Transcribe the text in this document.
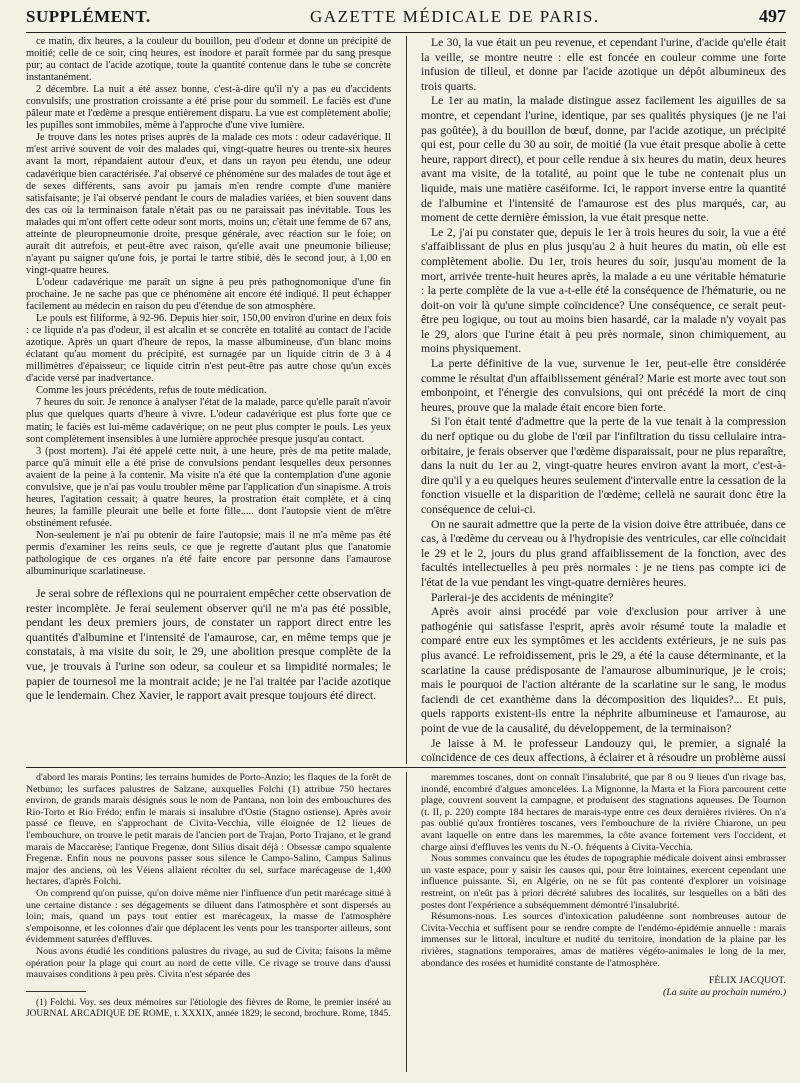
SUPPLÉMENT.	GAZETTE MÉDICALE DE PARIS.	497

ce matin, dix heures, a la couleur du bouillon, peu d'odeur et donne un précipité de moitié; celle de ce soir, cinq heures, est inodore et paraît formée par du sang presque pur; au contact de l'acide azotique, toute la quantité contenue dans le tube se concrète instantanément.

2 décembre. La nuit a été assez bonne, c'est-à-dire qu'il n'y a pas eu d'accidents convulsifs; une prostration croissante a été prise pour du sommeil. Le faciès est d'une pâleur mate et l'œdème a presque entièrement disparu. La vue est complètement abolie; les pupilles sont immobiles, même à l'approche d'une vive lumière.

Je trouve dans les notes prises auprès de la malade ces mots : odeur cadavérique. Il m'est arrivé souvent de voir des malades qui, vingt-quatre heures ou trente-six heures avant la mort, répandaient autour d'eux, et dans un rayon peu étendu, une odeur cadavérique bien caractérisée. J'ai observé ce phénomène sur des malades de tout âge et de sexes différents, sans avoir pu jamais m'en rendre compte d'une manière satisfaisante; je l'ai observé pendant le cours de maladies variées, et bien souvent dans des cas où la terminaison fatale n'était pas ou ne paraissait pas inévitable. Tous les malades qui m'ont offert cette odeur sont morts, moins un; c'était une femme de 67 ans, atteinte de pleuropneumonie droite, presque générale, avec réaction sur le foie; on aurait dit autrefois, et peut-être avec raison, qu'elle avait une pneumonie bilieuse; n'ayant pu saigner qu'une fois, je portai le tartre stibié, dès le second jour, à 1,00 en vingt-quatre heures.

L'odeur cadavérique me paraît un signe à peu près pathognomonique d'une fin prochaine. Je ne sache pas que ce phénomène ait encore été indiqué. Il peut échapper facilement au médecin en raison du peu d'étendue de son atmosphère.

Le pouls est filiforme, à 92-96. Depuis hier soir, 150,00 environ d'urine en deux fois : ce liquide n'a pas d'odeur, il est alcalin et se concrète en totalité au contact de l'acide azotique. Après un quart d'heure de repos, la masse albumineuse, d'un blanc moins éclatant qu'au moment du précipité, est surnagée par un liquide citrin de 3 à 4 millimètres d'épaisseur; ce liquide citrin n'est peut-être pas autre chose qu'un excès d'acide versé par inadvertance.

Comme les jours précédents, refus de toute médication.

7 heures du soir. Je renonce à analyser l'état de la malade, parce qu'elle paraît n'avoir plus que quelques quarts d'heure à vivre. L'odeur cadavérique est plus forte que ce matin; le faciès est lui-même cadavérique; on ne peut plus compter le pouls. Les yeux sont complètement insensibles à une lumière approchée presque jusqu'au contact.

3 (post mortem). J'ai été appelé cette nuit, à une heure, près de ma petite malade, parce qu'à minuit elle a été prise de convulsions pendant lesquelles deux personnes avaient de la peine à la contenir. Ma visite n'a été que la contemplation d'une agonie convulsive, que je n'ai pas voulu troubler même par l'application d'un sinapisme. A trois heures, l'agitation cessait; à quatre heures, la prostration était complète, et à cinq heures, la famille pleurait une belle et forte fille..... dont l'autopsie vient de m'être obstinément refusée.

Non-seulement je n'ai pu obtenir de faire l'autopsie; mais il ne m'a même pas été permis d'examiner les reins seuls, ce que je regrette d'autant plus que l'anatomie pathologique de ces organes n'a été faite encore par personne dans l'amaurose albuminurique scarlatineuse.

Je serai sobre de réflexions qui ne pourraient empêcher cette observation de rester incomplète. Je ferai seulement observer qu'il ne m'a pas été possible, pendant les deux premiers jours, de constater un rapport direct entre les quantités d'albumine et l'intensité de l'amaurose, car, en même temps que je constatais, à ma visite du soir, le 29, une abolition presque complète de la vue, je trouvais à l'urine son odeur, sa couleur et sa limpidité normales; le papier de tournesol me la montrait acide; je ne l'ai traitée par l'acide azotique que le lendemain. Chez Xavier, le rapport avait presque toujours été direct.

Le 30, la vue était un peu revenue, et cependant l'urine, d'acide qu'elle était la veille, se montre neutre : elle est foncée en couleur comme une forte infusion de tilleul, et donne par l'acide azotique un dépôt albumineux des trois quarts.

Le 1er au matin, la malade distingue assez facilement les aiguilles de sa montre, et cependant l'urine, identique, par ses qualités physiques (je ne l'ai pas goûtée), à du bouillon de bœuf, donne, par l'acide azotique, un précipité qui est, pour celle du 30 au soir, de moitié (la vue était presque abolie à cette heure, rapport direct), et pour celle rendue à six heures du matin, deux heures avant ma visite, de la totalité, au point que le tube ne contenait plus un liquide, mais une matière caséiforme. Ici, le rapport inverse entre la quantité de l'albumine et l'intensité de l'amaurose est des plus marqués, car, au moment de cette dernière émission, la vue était presque nette.

Le 2, j'ai pu constater que, depuis le 1er à trois heures du soir, la vue a été s'affaiblissant de plus en plus jusqu'au 2 à huit heures du matin, où elle est complètement abolie. Du 1er, trois heures du soir, jusqu'au moment de la mort, arrivée trente-huit heures après, la malade a eu une véritable hématurie : la perte complète de la vue a-t-elle été la conséquence de l'hématurie, ou ne doit-on voir là qu'une simple coïncidence? Une conséquence, ce serait peut-être peu logique, ou tout au moins bien hasardé, car la malade n'y voyait pas le 29, alors que l'urine était à peu près normale, sinon chimiquement, au moins physiquement.

La perte définitive de la vue, survenue le 1er, peut-elle être considérée comme le résultat d'un affaiblissement général? Marie est morte avec tout son embonpoint, et l'énergie des convulsions, qui ont précédé la mort de cinq heures, prouve que la malade était encore bien forte.

Si l'on était tenté d'admettre que la perte de la vue tenait à la compression du nerf optique ou du globe de l'œil par l'infiltration du tissu cellulaire intra-orbitaire, je ferais observer que l'œdème disparaissait, pour ne plus reparaître, dans la nuit du 1er au 2, vingt-quatre heures environ avant la mort, c'est-à-dire qu'il y a eu quelques heures seulement d'intervalle entre la cessation de la fonction visuelle et la disparition de l'œdème; cellelà ne saurait donc être la conséquence de celui-ci.

On ne saurait admettre que la perte de la vision doive être attribuée, dans ce cas, à l'œdème du cerveau ou à l'hydropisie des ventricules, car elle coïncidait le 29 et le 2, jours du plus grand affaiblissement de la fonction, avec des facultés intellectuelles à peu près normales : je ne tiens pas compte ici de l'état de la vue pendant les vingt-quatre dernières heures.

Parlerai-je des accidents de méningite?

Après avoir ainsi procédé par voie d'exclusion pour arriver à une pathogénie qui satisfasse l'esprit, après avoir résumé toute la maladie et comparé entre eux les symptômes et les accidents extérieurs, je ne suis pas plus avancé. Le refroidissement, pris le 29, a été la cause déterminante, et la scarlatine la cause prédisposante de l'amaurose albuminurique, je le crois; mais le pourquoi de l'action altérante de la scarlatine sur le sang, le modus faciendi de cet exanthème dans la décomposition des liquides?... Et puis, quels rapports existent-ils entre la néphrite albumineuse et l'amaurose, au point de vue de la causalité, du développement, de la terminaison?

Je laisse à M. le professeur Landouzy qui, le premier, a signalé la coïncidence de ces deux affections, à éclairer et à résoudre un problème aussi

d'abord les marais Pontins; les terrains humides de Porto-Anzio; les flaques de la forêt de Netbuno; les surfaces palustres de Salzane, auxquelles Folchi (1) attribue 750 hectares environ, de grands marais désignés sous le nom de Pantana, non loin des embouchures des Rio-Torto et Rio Frédo; enfin le marais si insalubre d'Ostie (Stagno ostiense). Après avoir passé ce fleuve, en s'approchant de Civita-Vecchia, ville éloignée de 12 lieues de l'embouchure, on trouve le petit marais de l'ancien port de Trajan, Porto Trajano, et le grand marais de Maccarèse; l'antique Fregenæ, dont Silius disait déjà : Obsessæ campo squalente Fregenæ. Enfin nous ne pouvons passer sous silence le Campo-Salino, Campus Salinus major des anciens, où les Véiens allaient récolter du sel, surface marécageuse de 1,400 hectares, d'après Folchi.

On comprend qu'on puisse, qu'on doive même nier l'influence d'un petit marécage situé à une certaine distance : ses dégagements se diluent dans l'atmosphère et sont dispersés au loin; mais, quand un pays tout entier est marécageux, la masse de l'atmosphère s'empoisonne, et les colonnes d'air que déplacent les vents pour les transporter ailleurs, sont évidemment saturées d'effluves.

Nous avons étudié les conditions palustres du rivage, au sud de Civita; faisons la même opération pour la plage qui court au nord de cette ville. Ce rivage se trouve dans d'aussi mauvaises conditions à peu près. Civita n'est séparée des

(1) Folchi. Voy. ses deux mémoires sur l'étiologie des fièvres de Rome, le premier inséré au JOURNAL ARCADIQUE DE ROME, t. XXXIX, année 1829; le second, brochure. Rome, 1845.

maremmes toscanes, dont on connaît l'insalubrité, que par 8 ou 9 lieues d'un rivage bas, inondé, encombré d'algues amoncelées. La Mignonne, la Marta et la Fiora parcourent cette plage, couvrent souvent la campagne, et produisent des stagnations aqueuses. De Tournon (t. II, p. 220) compte 184 hectares de marais-type entre ces deux dernières rivières. On n'a pas oublié qu'aux frontières toscanes, vers l'embouchure de la rivière Chiarone, un peu avant laquelle on entre dans les maremmes, la côte avance fortement vers l'occident, et charge ainsi d'effluves les vents du N.-O. fréquents à Civita-Vecchia.

Nous sommes convaincu que les études de topographie médicale doivent ainsi embrasser un vaste espace, pour y saisir les causes qui, pour être lointaines, exercent cependant une influence puissante. Si, en Algérie, on ne se fût pas contenté d'explorer un voisinage restreint, on n'eût pas à priori décrété salubres des localités, sur lesquelles on a bâti des postes dont l'expérience a subséquemment démontré l'insalubrité.

Résumons-nous. Les sources d'intoxication paludéenne sont nombreuses autour de Civita-Vecchia et suffisent pour se rendre compte de l'endémo-épidémie annuelle : marais immenses sur le littoral, inculture et nudité du territoire, inondation de la plaine par les rivières, stagnations temporaires, amas de matières végéto-animales le long de la mer, abondance des rosées et humidité constante de l'atmosphère.

FÉLIX JACQUOT.
(La suite au prochain numéro.)
